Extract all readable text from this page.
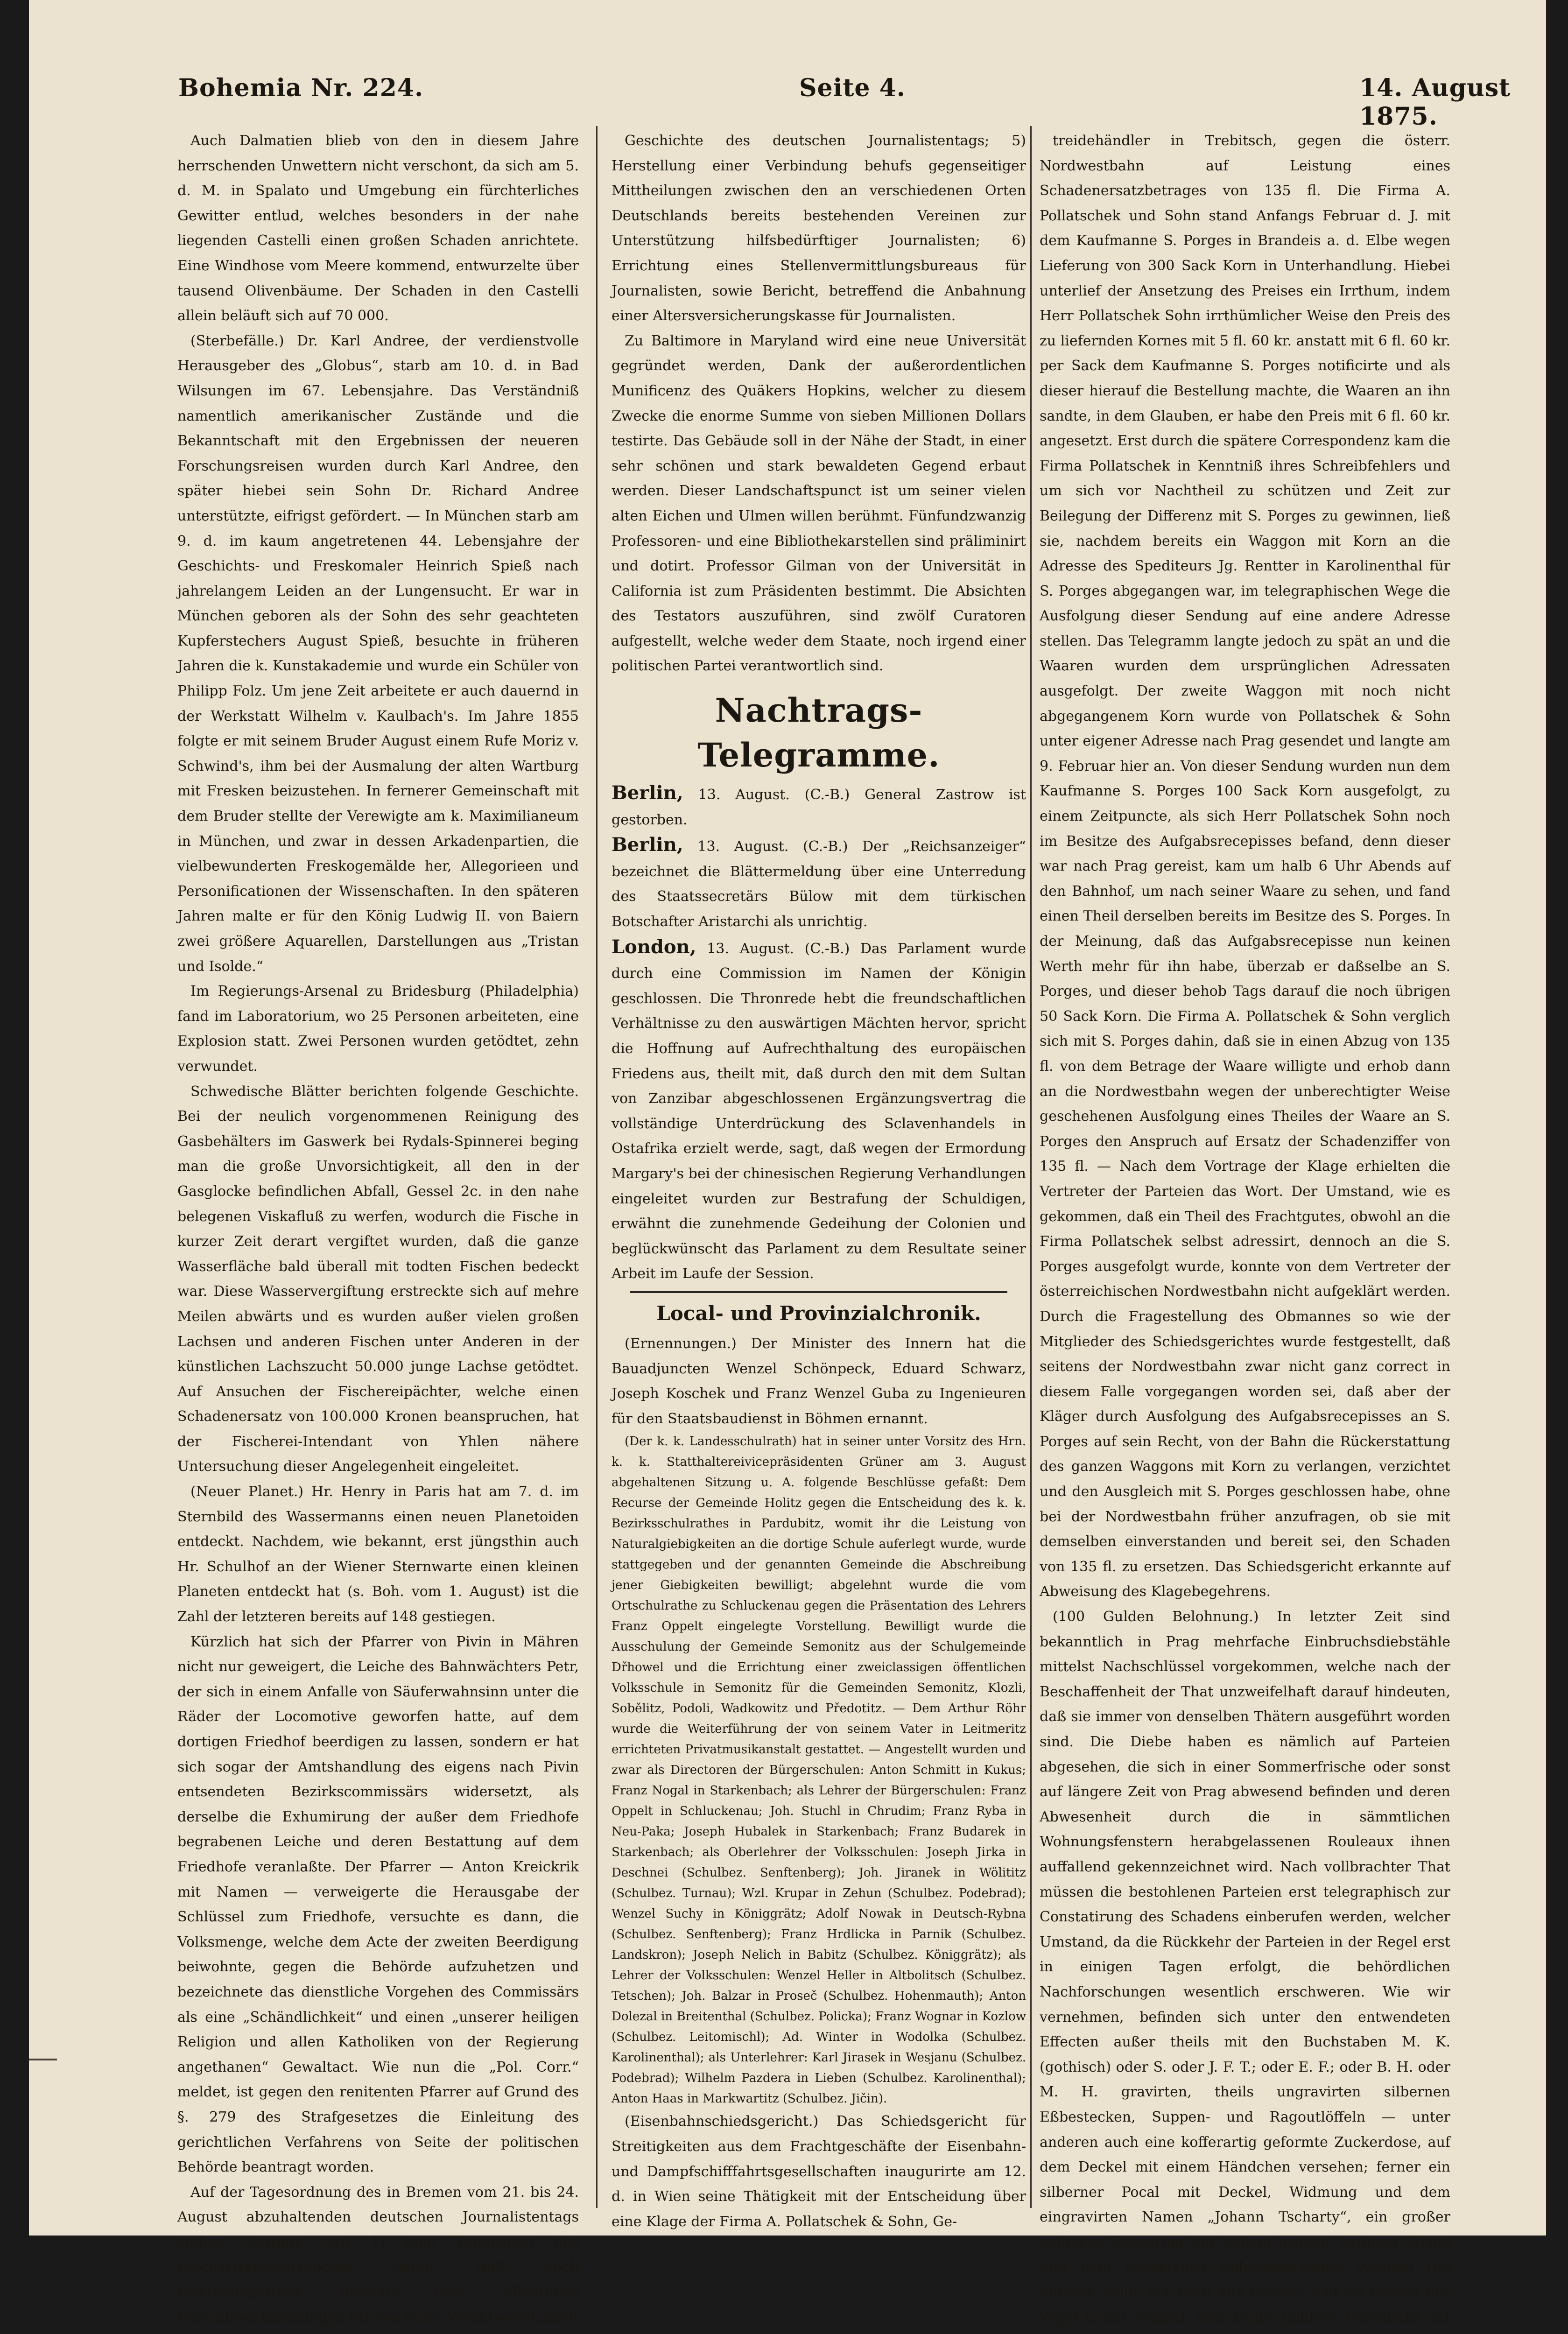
Bohemia Nr. 224.	Seite 4.	14. August 1875.

Auch Dalmatien blieb von den in diesem Jahre herrschenden Unwettern nicht verschont, da sich am 5. d. M. in Spalato und Umgebung ein fürchterliches Gewitter entlud, welches besonders in der nahe liegenden Castelli einen großen Schaden anrichtete. Eine Windhose vom Meere kommend, entwurzelte über tausend Olivenbäume. Der Schaden in den Castelli allein beläuft sich auf 70 000.

(Sterbefälle.) Dr. Karl Andree, der verdienstvolle Herausgeber des „Globus“, starb am 10. d. in Bad Wilsungen im 67. Lebensjahre. Das Verständniß namentlich amerikanischer Zustände und die Bekanntschaft mit den Ergebnissen der neueren Forschungsreisen wurden durch Karl Andree, den später hiebei sein Sohn Dr. Richard Andree unterstützte, eifrigst gefördert. — In München starb am 9. d. im kaum angetretenen 44. Lebensjahre der Geschichts- und Freskomaler Heinrich Spieß nach jahrelangem Leiden an der Lungensucht. Er war in München geboren als der Sohn des sehr geachteten Kupferstechers August Spieß, besuchte in früheren Jahren die k. Kunstakademie und wurde ein Schüler von Philipp Folz. Um jene Zeit arbeitete er auch dauernd in der Werkstatt Wilhelm v. Kaulbach's. Im Jahre 1855 folgte er mit seinem Bruder August einem Rufe Moriz v. Schwind's, ihm bei der Ausmalung der alten Wartburg mit Fresken beizustehen. In fernerer Gemeinschaft mit dem Bruder stellte der Verewigte am k. Maximilianeum in München, und zwar in dessen Arkadenpartien, die vielbewunderten Freskogemälde her, Allegorieen und Personificationen der Wissenschaften. In den späteren Jahren malte er für den König Ludwig II. von Baiern zwei größere Aquarellen, Darstellungen aus „Tristan und Isolde.“

Im Regierungs-Arsenal zu Bridesburg (Philadelphia) fand im Laboratorium, wo 25 Personen arbeiteten, eine Explosion statt. Zwei Personen wurden getödtet, zehn verwundet.

Schwedische Blätter berichten folgende Geschichte. Bei der neulich vorgenommenen Reinigung des Gasbehälters im Gaswerk bei Rydals-Spinnerei beging man die große Unvorsichtigkeit, all den in der Gasglocke befindlichen Abfall, Gessel 2c. in den nahe belegenen Viskafluß zu werfen, wodurch die Fische in kurzer Zeit derart vergiftet wurden, daß die ganze Wasserfläche bald überall mit todten Fischen bedeckt war. Diese Wasservergiftung erstreckte sich auf mehre Meilen abwärts und es wurden außer vielen großen Lachsen und anderen Fischen unter Anderen in der künstlichen Lachszucht 50.000 junge Lachse getödtet. Auf Ansuchen der Fischereipächter, welche einen Schadenersatz von 100.000 Kronen beanspruchen, hat der Fischerei-Intendant von Yhlen nähere Untersuchung dieser Angelegenheit eingeleitet.

(Neuer Planet.) Hr. Henry in Paris hat am 7. d. im Sternbild des Wassermanns einen neuen Planetoiden entdeckt. Nachdem, wie bekannt, erst jüngsthin auch Hr. Schulhof an der Wiener Sternwarte einen kleinen Planeten entdeckt hat (s. Boh. vom 1. August) ist die Zahl der letzteren bereits auf 148 gestiegen.

Kürzlich hat sich der Pfarrer von Pivin in Mähren nicht nur geweigert, die Leiche des Bahnwächters Petr, der sich in einem Anfalle von Säuferwahnsinn unter die Räder der Locomotive geworfen hatte, auf dem dortigen Friedhof beerdigen zu lassen, sondern er hat sich sogar der Amtshandlung des eigens nach Pivin entsendeten Bezirkscommissärs widersetzt, als derselbe die Exhumirung der außer dem Friedhofe begrabenen Leiche und deren Bestattung auf dem Friedhofe veranlaßte. Der Pfarrer — Anton Kreickrik mit Namen — verweigerte die Herausgabe der Schlüssel zum Friedhofe, versuchte es dann, die Volksmenge, welche dem Acte der zweiten Beerdigung beiwohnte, gegen die Behörde aufzuhetzen und bezeichnete das dienstliche Vorgehen des Commissärs als eine „Schändlichkeit“ und einen „unserer heiligen Religion und allen Katholiken von der Regierung angethanen“ Gewaltact. Wie nun die „Pol. Corr.“ meldet, ist gegen den renitenten Pfarrer auf Grund des §. 279 des Strafgesetzes die Einleitung des gerichtlichen Verfahrens von Seite der politischen Behörde beantragt worden.

Auf der Tagesordnung des in Bremen vom 21. bis 24. August abzuhaltenden deutschen Journalistentags stehen Anträge auf: 1) eine Ergänzung des Reichsstrafgesetzbuches dahin, daß auch wahrheitsgetreue Berichte über öffentliche Gerichtsverhandlungen für von jeder Verantwortlichkeit

Geschichte des deutschen Journalistentags; 5) Herstellung einer Verbindung behufs gegenseitiger Mittheilungen zwischen den an verschiedenen Orten Deutschlands bereits bestehenden Vereinen zur Unterstützung hilfsbedürftiger Journalisten; 6) Errichtung eines Stellenvermittlungsbureaus für Journalisten, sowie Bericht, betreffend die Anbahnung einer Altersversicherungskasse für Journalisten.

Zu Baltimore in Maryland wird eine neue Universität gegründet werden, Dank der außerordentlichen Munificenz des Quäkers Hopkins, welcher zu diesem Zwecke die enorme Summe von sieben Millionen Dollars testirte. Das Gebäude soll in der Nähe der Stadt, in einer sehr schönen und stark bewaldeten Gegend erbaut werden. Dieser Landschaftspunct ist um seiner vielen alten Eichen und Ulmen willen berühmt. Fünfundzwanzig Professoren- und eine Bibliothekarstellen sind präliminirt und dotirt. Professor Gilman von der Universität in California ist zum Präsidenten bestimmt. Die Absichten des Testators auszuführen, sind zwölf Curatoren aufgestellt, welche weder dem Staate, noch irgend einer politischen Partei verantwortlich sind.

Nachtrags-Telegramme.

Berlin, 13. August. (C.-B.) General Zastrow ist gestorben.

Berlin, 13. August. (C.-B.) Der „Reichsanzeiger“ bezeichnet die Blättermeldung über eine Unterredung des Staatssecretärs Bülow mit dem türkischen Botschafter Aristarchi als unrichtig.

London, 13. August. (C.-B.) Das Parlament wurde durch eine Commission im Namen der Königin geschlossen. Die Thronrede hebt die freundschaftlichen Verhältnisse zu den auswärtigen Mächten hervor, spricht die Hoffnung auf Aufrechthaltung des europäischen Friedens aus, theilt mit, daß durch den mit dem Sultan von Zanzibar abgeschlossenen Ergänzungsvertrag die vollständige Unterdrückung des Sclavenhandels in Ostafrika erzielt werde, sagt, daß wegen der Ermordung Margary's bei der chinesischen Regierung Verhandlungen eingeleitet wurden zur Bestrafung der Schuldigen, erwähnt die zunehmende Gedeihung der Colonien und beglückwünscht das Parlament zu dem Resultate seiner Arbeit im Laufe der Session.

Local- und Provinzialchronik.

(Ernennungen.) Der Minister des Innern hat die Bauadjuncten Wenzel Schönpeck, Eduard Schwarz, Joseph Koschek und Franz Wenzel Guba zu Ingenieuren für den Staatsbaudienst in Böhmen ernannt.

(Der k. k. Landesschulrath) hat in seiner unter Vorsitz des Hrn. k. k. Statthaltereivicepräsidenten Grüner am 3. August abgehaltenen Sitzung u. A. folgende Beschlüsse gefaßt: Dem Recurse der Gemeinde Holitz gegen die Entscheidung des k. k. Bezirksschulrathes in Pardubitz, womit ihr die Leistung von Naturalgiebigkeiten an die dortige Schule auferlegt wurde, wurde stattgegeben und der genannten Gemeinde die Abschreibung jener Giebigkeiten bewilligt; abgelehnt wurde die vom Ortschulrathe zu Schluckenau gegen die Präsentation des Lehrers Franz Oppelt eingelegte Vorstellung. Bewilligt wurde die Ausschulung der Gemeinde Semonitz aus der Schulgemeinde Dřhowel und die Errichtung einer zweiclassigen öffentlichen Volksschule in Semonitz für die Gemeinden Semonitz, Klozli, Sobělitz, Podoli, Wadkowitz und Předotitz. — Dem Arthur Röhr wurde die Weiterführung der von seinem Vater in Leitmeritz errichteten Privatmusikanstalt gestattet. — Angestellt wurden und zwar als Directoren der Bürgerschulen: Anton Schmitt in Kukus; Franz Nogal in Starkenbach; als Lehrer der Bürgerschulen: Franz Oppelt in Schluckenau; Joh. Stuchl in Chrudim; Franz Ryba in Neu-Paka; Joseph Hubalek in Starkenbach; Franz Budarek in Starkenbach; als Oberlehrer der Volksschulen: Joseph Jirka in Deschnei (Schulbez. Senftenberg); Joh. Jiranek in Wölititz (Schulbez. Turnau); Wzl. Krupar in Zehun (Schulbez. Podebrad); Wenzel Suchy in Königgrätz; Adolf Nowak in Deutsch-Rybna (Schulbez. Senftenberg); Franz Hrdlicka in Parnik (Schulbez. Landskron); Joseph Nelich in Babitz (Schulbez. Königgrätz); als Lehrer der Volksschulen: Wenzel Heller in Altbolitsch (Schulbez. Tetschen); Joh. Balzar in Proseč (Schulbez. Hohenmauth); Anton Dolezal in Breitenthal (Schulbez. Policka); Franz Wognar in Kozlow (Schulbez. Leitomischl); Ad. Winter in Wodolka (Schulbez. Karolinenthal); als Unterlehrer: Karl Jirasek in Wesjanu (Schulbez. Podebrad); Wilhelm Pazdera in Lieben (Schulbez. Karolinenthal); Anton Haas in Markwartitz (Schulbez. Jičin).

(Eisenbahnschiedsgericht.) Das Schiedsgericht für Streitigkeiten aus dem Frachtgeschäfte der Eisenbahn- und Dampfschifffahrtsgesellschaften inaugurirte am 12. d. in Wien seine Thätigkeit mit der Entscheidung über eine Klage der Firma A. Pollatschek & Sohn, Ge-

treidehändler in Trebitsch, gegen die österr. Nordwestbahn auf Leistung eines Schadenersatzbetrages von 135 fl. Die Firma A. Pollatschek und Sohn stand Anfangs Februar d. J. mit dem Kaufmanne S. Porges in Brandeis a. d. Elbe wegen Lieferung von 300 Sack Korn in Unterhandlung. Hiebei unterlief der Ansetzung des Preises ein Irrthum, indem Herr Pollatschek Sohn irrthümlicher Weise den Preis des zu liefernden Kornes mit 5 fl. 60 kr. anstatt mit 6 fl. 60 kr. per Sack dem Kaufmanne S. Porges notificirte und als dieser hierauf die Bestellung machte, die Waaren an ihn sandte, in dem Glauben, er habe den Preis mit 6 fl. 60 kr. angesetzt. Erst durch die spätere Correspondenz kam die Firma Pollatschek in Kenntniß ihres Schreibfehlers und um sich vor Nachtheil zu schützen und Zeit zur Beilegung der Differenz mit S. Porges zu gewinnen, ließ sie, nachdem bereits ein Waggon mit Korn an die Adresse des Spediteurs Jg. Rentter in Karolinenthal für S. Porges abgegangen war, im telegraphischen Wege die Ausfolgung dieser Sendung auf eine andere Adresse stellen. Das Telegramm langte jedoch zu spät an und die Waaren wurden dem ursprünglichen Adressaten ausgefolgt. Der zweite Waggon mit noch nicht abgegangenem Korn wurde von Pollatschek & Sohn unter eigener Adresse nach Prag gesendet und langte am 9. Februar hier an. Von dieser Sendung wurden nun dem Kaufmanne S. Porges 100 Sack Korn ausgefolgt, zu einem Zeitpuncte, als sich Herr Pollatschek Sohn noch im Besitze des Aufgabsrecepisses befand, denn dieser war nach Prag gereist, kam um halb 6 Uhr Abends auf den Bahnhof, um nach seiner Waare zu sehen, und fand einen Theil derselben bereits im Besitze des S. Porges. In der Meinung, daß das Aufgabsrecepisse nun keinen Werth mehr für ihn habe, überzab er daßselbe an S. Porges, und dieser behob Tags darauf die noch übrigen 50 Sack Korn. Die Firma A. Pollatschek & Sohn verglich sich mit S. Porges dahin, daß sie in einen Abzug von 135 fl. von dem Betrage der Waare willigte und erhob dann an die Nordwestbahn wegen der unberechtigter Weise geschehenen Ausfolgung eines Theiles der Waare an S. Porges den Anspruch auf Ersatz der Schadenziffer von 135 fl. — Nach dem Vortrage der Klage erhielten die Vertreter der Parteien das Wort. Der Umstand, wie es gekommen, daß ein Theil des Frachtgutes, obwohl an die Firma Pollatschek selbst adressirt, dennoch an die S. Porges ausgefolgt wurde, konnte von dem Vertreter der österreichischen Nordwestbahn nicht aufgeklärt werden. Durch die Fragestellung des Obmannes so wie der Mitglieder des Schiedsgerichtes wurde festgestellt, daß seitens der Nordwestbahn zwar nicht ganz correct in diesem Falle vorgegangen worden sei, daß aber der Kläger durch Ausfolgung des Aufgabsrecepisses an S. Porges auf sein Recht, von der Bahn die Rückerstattung des ganzen Waggons mit Korn zu verlangen, verzichtet und den Ausgleich mit S. Porges geschlossen habe, ohne bei der Nordwestbahn früher anzufragen, ob sie mit demselben einverstanden und bereit sei, den Schaden von 135 fl. zu ersetzen. Das Schiedsgericht erkannte auf Abweisung des Klagebegehrens.

(100 Gulden Belohnung.) In letzter Zeit sind bekanntlich in Prag mehrfache Einbruchsdiebstähle mittelst Nachschlüssel vorgekommen, welche nach der Beschaffenheit der That unzweifelhaft darauf hindeuten, daß sie immer von denselben Thätern ausgeführt worden sind. Die Diebe haben es nämlich auf Parteien abgesehen, die sich in einer Sommerfrische oder sonst auf längere Zeit von Prag abwesend befinden und deren Abwesenheit durch die in sämmtlichen Wohnungsfenstern herabgelassenen Rouleaux ihnen auffallend gekennzeichnet wird. Nach vollbrachter That müssen die bestohlenen Parteien erst telegraphisch zur Constatirung des Schadens einberufen werden, welcher Umstand, da die Rückkehr der Parteien in der Regel erst in einigen Tagen erfolgt, die behördlichen Nachforschungen wesentlich erschweren. Wie wir vernehmen, befinden sich unter den entwendeten Effecten außer theils mit den Buchstaben M. K. (gothisch) oder S. oder J. F. T.; oder E. F.; oder B. H. oder M. H. gravirten, theils ungravirten silbernen Eßbestecken, Suppen- und Ragoutlöffeln — unter anderen auch eine kofferartig geformte Zuckerdose, auf dem Deckel mit einem Händchen versehen; ferner ein silberner Pocal mit Deckel, Widmung und dem eingravirten Namen „Johann Tscharty“, ein großer goldener Siegelring mit hellem grauen, grünem Steine und dem freiherrlich Silberstein'schen Wappen (im unteren Felde ein Berg aus Steinen und im oberen der Vogel Greif), endlich eine kleine goldene Damenuhr mit
